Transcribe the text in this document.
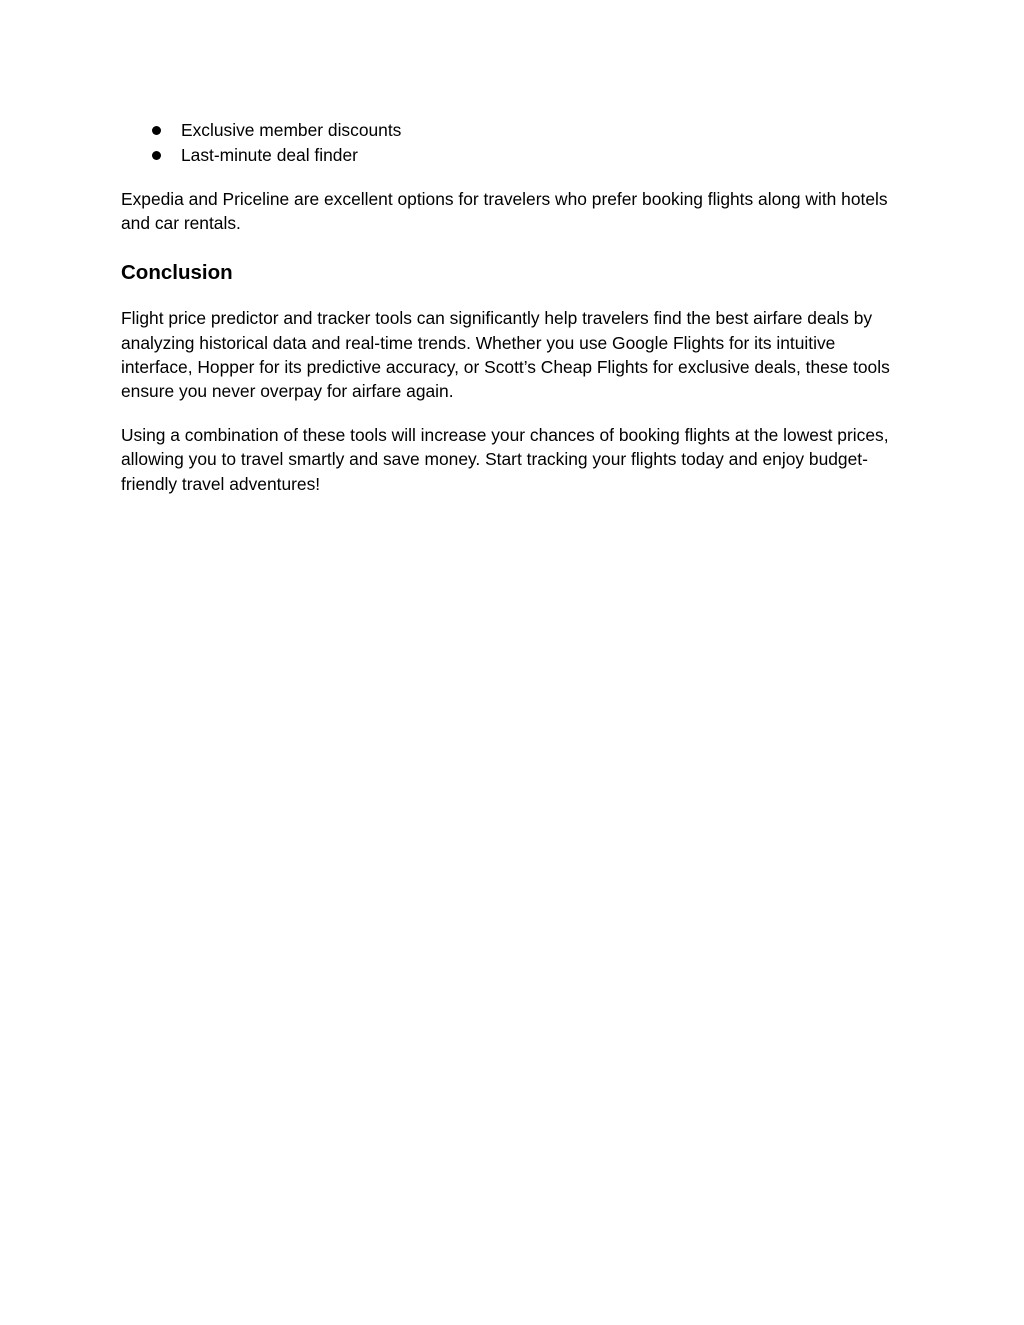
Exclusive member discounts
Last-minute deal finder

Expedia and Priceline are excellent options for travelers who prefer booking flights along with hotels and car rentals.

Conclusion

Flight price predictor and tracker tools can significantly help travelers find the best airfare deals by analyzing historical data and real-time trends. Whether you use Google Flights for its intuitive interface, Hopper for its predictive accuracy, or Scott’s Cheap Flights for exclusive deals, these tools ensure you never overpay for airfare again.

Using a combination of these tools will increase your chances of booking flights at the lowest prices, allowing you to travel smartly and save money. Start tracking your flights today and enjoy budget-friendly travel adventures!
